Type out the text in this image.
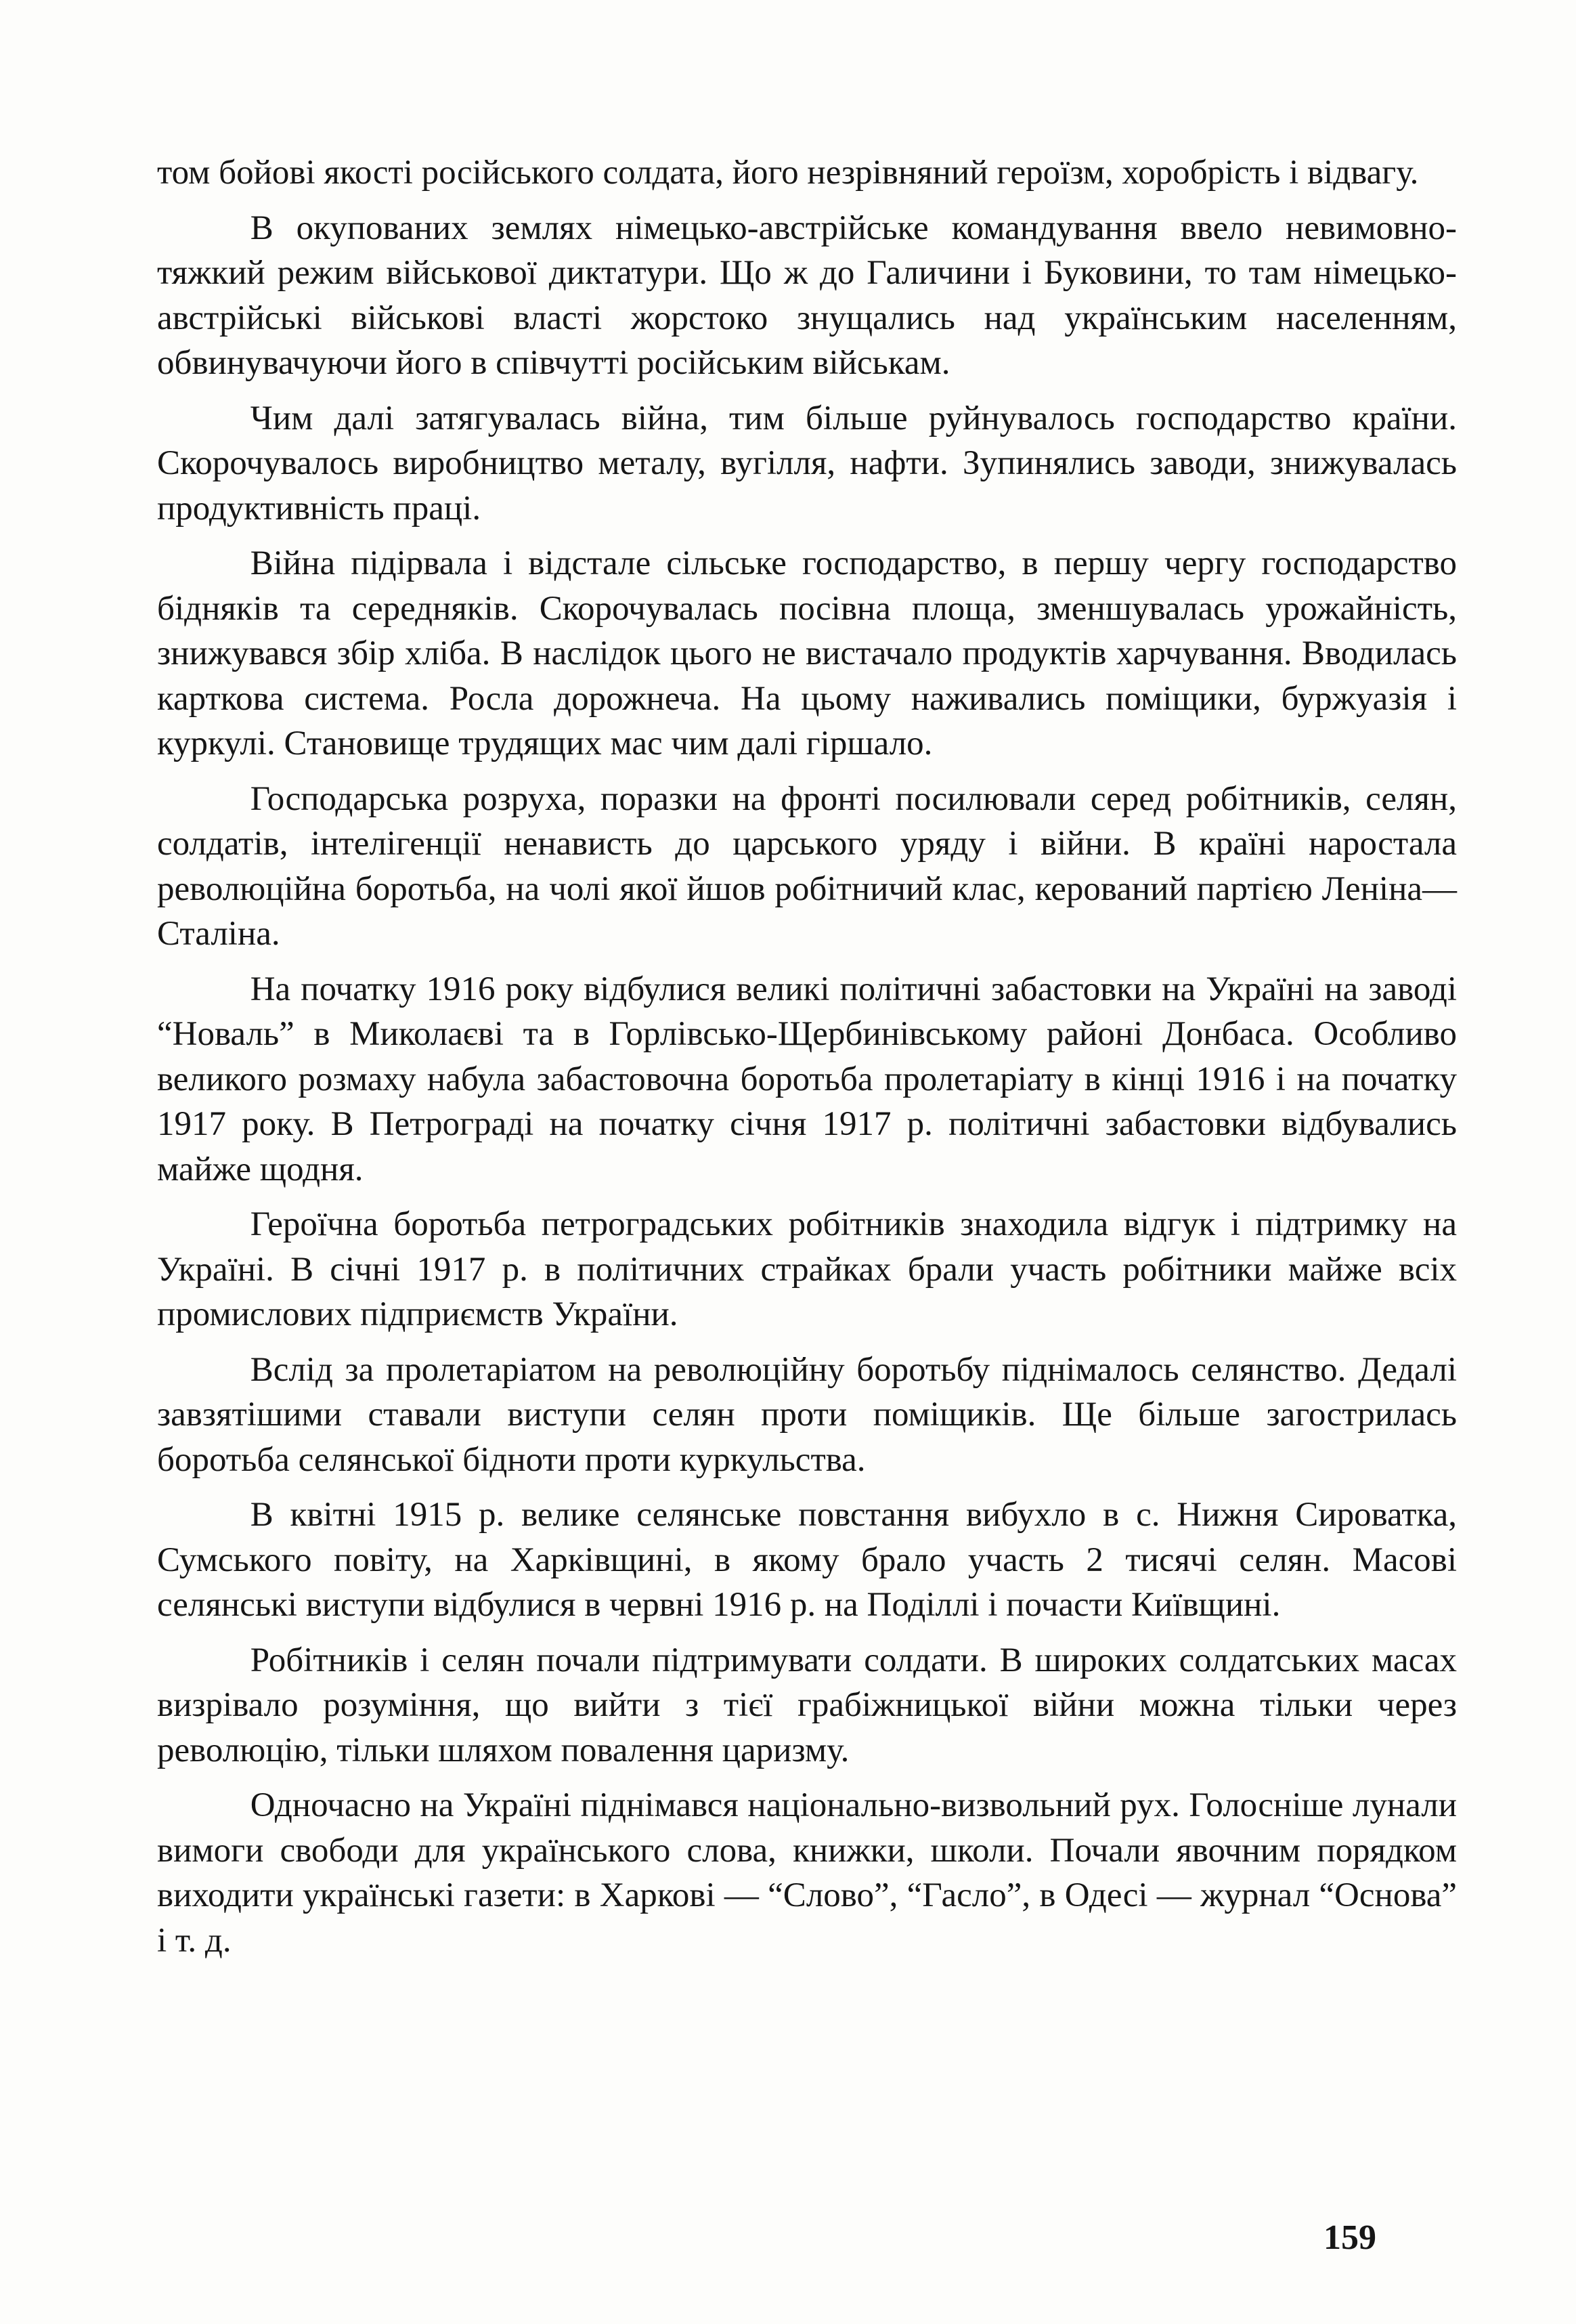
том бойові якості російського солдата, його незрівняний героїзм, хоробрість і відвагу.

В окупованих землях німецько-австрійське командування ввело невимовно-тяжкий режим військової диктатури. Що ж до Галичини і Буковини, то там німецько-австрійські військові власті жорстоко знущались над українським населенням, обвинувачуючи його в співчутті російським військам.

Чим далі затягувалась війна, тим більше руйнувалось господарство країни. Скорочувалось виробництво металу, вугілля, нафти. Зупинялись заводи, знижувалась продуктивність праці.

Війна підірвала і відстале сільське господарство, в першу чергу господарство бідняків та середняків. Скорочувалась посівна площа, зменшувалась урожайність, знижувався збір хліба. В наслідок цього не вистачало продуктів харчування. Вводилась карткова система. Росла дорожнеча. На цьому наживались поміщики, буржуазія і куркулі. Становище трудящих мас чим далі гіршало.

Господарська розруха, поразки на фронті посилювали серед робітників, селян, солдатів, інтелігенції ненависть до царського уряду і війни. В країні наростала революційна боротьба, на чолі якої йшов робітничий клас, керований партією Леніна—Сталіна.

На початку 1916 року відбулися великі політичні забастовки на Україні на заводі “Новаль” в Миколаєві та в Горлівсько-Щербинівському районі Донбаса. Особливо великого розмаху набула забастовочна боротьба пролетаріату в кінці 1916 і на початку 1917 року. В Петрограді на початку січня 1917 р. політичні забастовки відбувались майже щодня.

Героїчна боротьба петроградських робітників знаходила відгук і підтримку на Україні. В січні 1917 р. в політичних страйках брали участь робітники майже всіх промислових підприємств України.

Вслід за пролетаріатом на революційну боротьбу піднімалось селянство. Дедалі завзятішими ставали виступи селян проти поміщиків. Ще більше загострилась боротьба селянської бідноти проти куркульства.

В квітні 1915 р. велике селянське повстання вибухло в с. Нижня Сироватка, Сумського повіту, на Харківщині, в якому брало участь 2 тисячі селян. Масові селянські виступи відбулися в червні 1916 р. на Поділлі і почасти Київщині.

Робітників і селян почали підтримувати солдати. В широких солдатських масах визрівало розуміння, що вийти з тієї грабіжницької війни можна тільки через революцію, тільки шляхом повалення царизму.

Одночасно на Україні піднімався національно-визвольний рух. Голосніше лунали вимоги свободи для українського слова, книжки, школи. Почали явочним порядком виходити українські газети: в Харкові — “Слово”, “Гасло”, в Одесі — журнал “Основа” і т. д.

159
